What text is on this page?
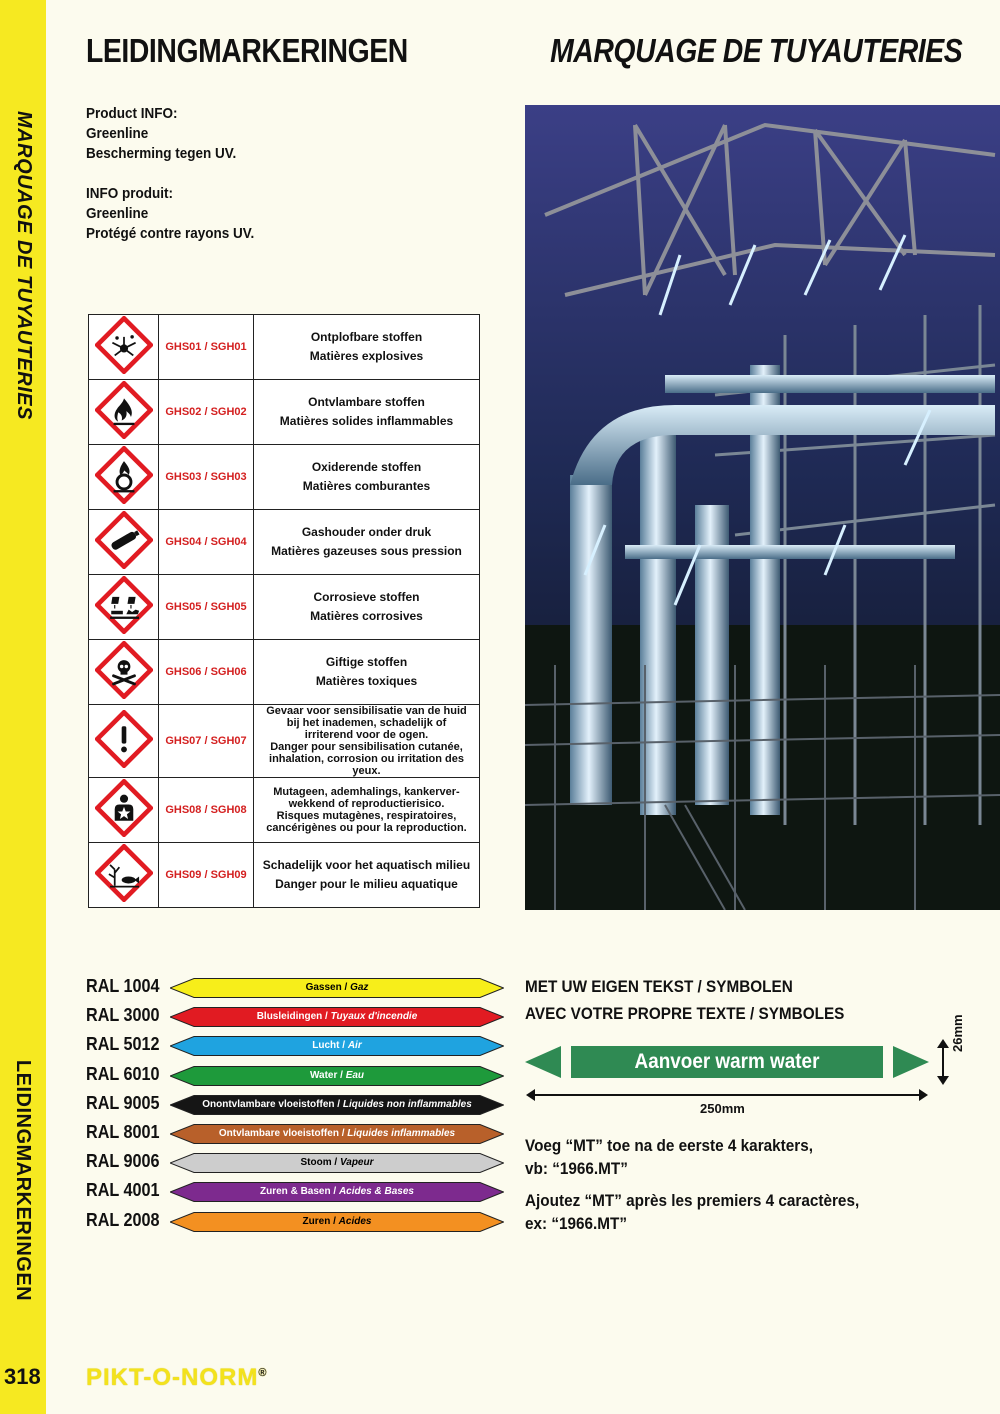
MARQUAGE DE TUYAUTERIES
LEIDINGMARKERINGEN
318 PIKT-O-NORM®
LEIDINGMARKERINGEN	MARQUAGE DE TUYAUTERIES
Product INFO:
Greenline
Bescherming tegen UV.
INFO produit:
Greenline
Protégé contre rayons UV.
	GHS01 / SGH01	Ontplofbare stoffen
Matières explosives

	GHS02 / SGH02	Ontvlambare stoffen
Matières solides inflammables

	GHS03 / SGH03	Oxiderende stoffen
Matières comburantes

	GHS04 / SGH04	Gashouder onder druk
Matières gazeuses sous pression

	GHS05 / SGH05	Corrosieve stoffen
Matières corrosives

	GHS06 / SGH06	Giftige stoffen
Matières toxiques

	GHS07 / SGH07	Gevaar voor sensibilisatie van de huid
bij het inademen, schadelijk of
irriterend voor de ogen.
Danger pour sensibilisation cutanée,
inhalation, corrosion ou irritation des yeux.

	GHS08 / SGH08	Mutageen, ademhalings, kankerver-
wekkend of reproductierisico.
Risques mutagènes, respiratoires,
cancérigènes ou pour la reproduction.

	GHS09 / SGH09	Schadelijk voor het aquatisch milieu
Danger pour le milieu aquatique
RAL 1004	Gassen / Gaz
RAL 3000	Blusleidingen / Tuyaux d'incendie
RAL 5012	Lucht / Air
RAL 6010	Water / Eau
RAL 9005	Onontvlambare vloeistoffen / Liquides non inflammables
RAL 8001	Ontvlambare vloeistoffen / Liquides inflammables
RAL 9006	Stoom / Vapeur
RAL 4001	Zuren & Basen / Acides & Bases
RAL 2008	Zuren / Acides
MET UW EIGEN TEKST / SYMBOLEN
AVEC VOTRE PROPRE TEXTE / SYMBOLES
Aanvoer warm water
26mm
250mm
Voeg “MT” toe na de eerste 4 karakters,
vb: “1966.MT”
Ajoutez “MT” après les premiers 4 caractères,
ex: “1966.MT”
